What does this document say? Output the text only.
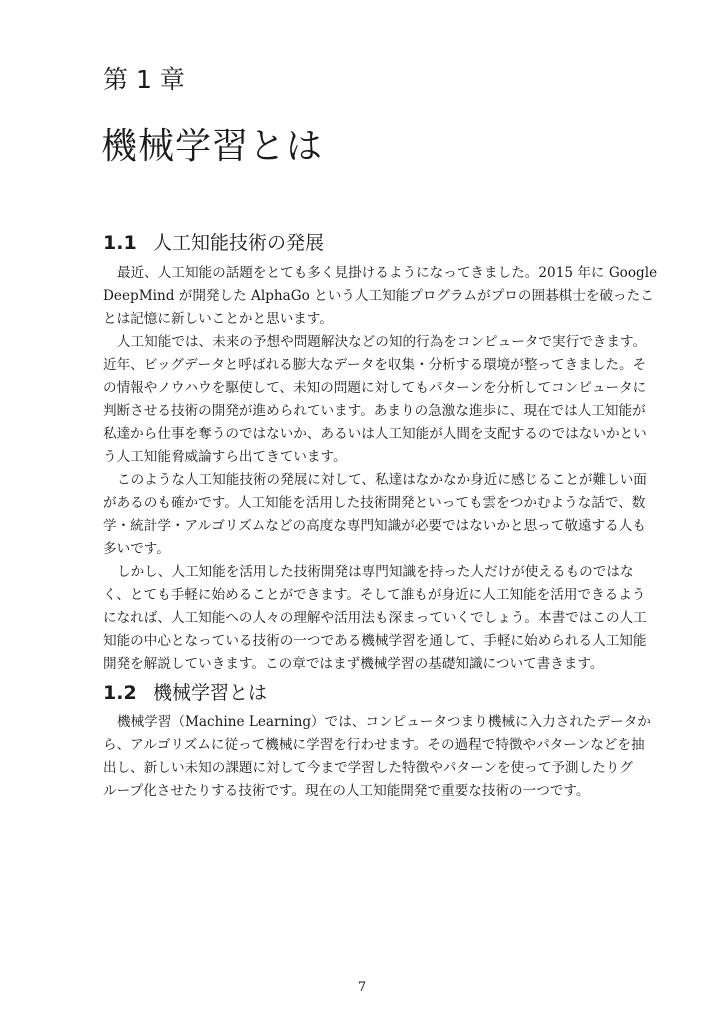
第 1 章
機械学習とは
1.1 人工知能技術の発展
最近、人工知能の話題をとても多く見掛けるようになってきました。2015 年に Google
DeepMind が開発した AlphaGo という人工知能プログラムがプロの囲碁棋士を破ったこ
とは記憶に新しいことかと思います。
人工知能では、未来の予想や問題解決などの知的行為をコンピュータで実行できます。
近年、ビッグデータと呼ばれる膨大なデータを収集・分析する環境が整ってきました。そ
の情報やノウハウを駆使して、未知の問題に対してもパターンを分析してコンピュータに
判断させる技術の開発が進められています。あまりの急激な進歩に、現在では人工知能が
私達から仕事を奪うのではないか、あるいは人工知能が人間を支配するのではないかとい
う人工知能脅威論すら出てきています。
このような人工知能技術の発展に対して、私達はなかなか身近に感じることが難しい面
があるのも確かです。人工知能を活用した技術開発といっても雲をつかむような話で、数
学・統計学・アルゴリズムなどの高度な専門知識が必要ではないかと思って敬遠する人も
多いです。
しかし、人工知能を活用した技術開発は専門知識を持った人だけが使えるものではな
く、とても手軽に始めることができます。そして誰もが身近に人工知能を活用できるよう
になれば、人工知能への人々の理解や活用法も深まっていくでしょう。本書ではこの人工
知能の中心となっている技術の一つである機械学習を通して、手軽に始められる人工知能
開発を解説していきます。この章ではまず機械学習の基礎知識について書きます。
1.2 機械学習とは
機械学習（Machine Learning）では、コンピュータつまり機械に入力されたデータか
ら、アルゴリズムに従って機械に学習を行わせます。その過程で特徴やパターンなどを抽
出し、新しい未知の課題に対して今まで学習した特徴やパターンを使って予測したりグ
ループ化させたりする技術です。現在の人工知能開発で重要な技術の一つです。
7
